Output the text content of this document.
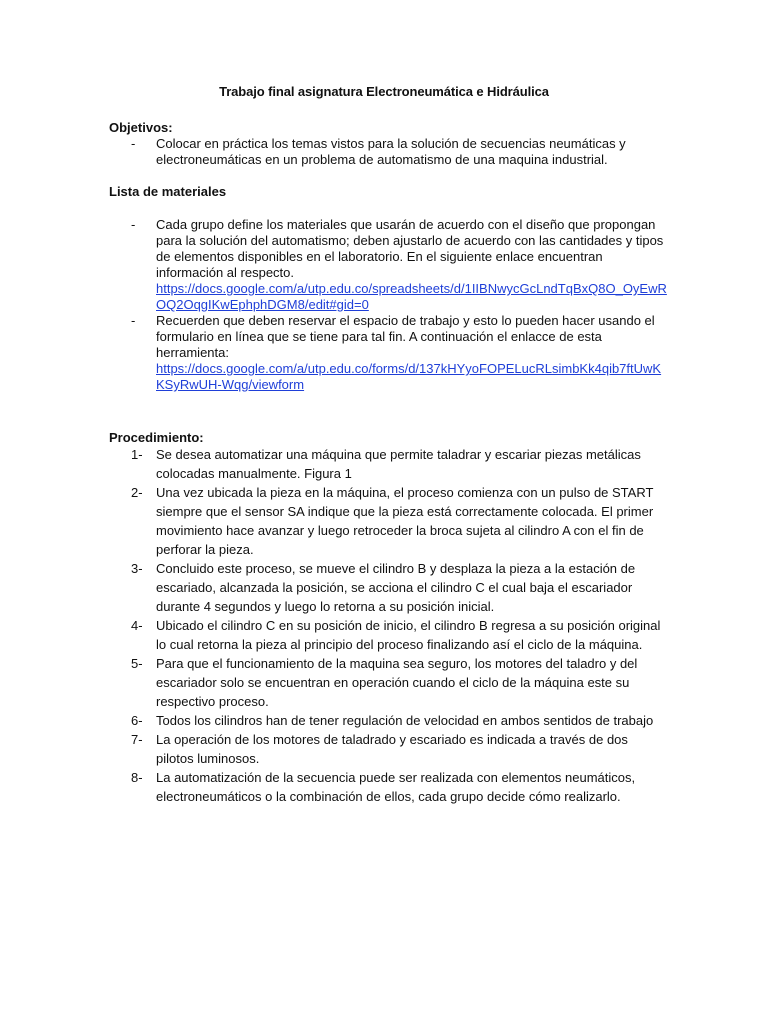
Trabajo final asignatura Electroneumática e Hidráulica
Objetivos:
-	Colocar en práctica los temas vistos para la solución de secuencias neumáticas y electroneumáticas en un problema de automatismo de una maquina industrial.
Lista de materiales
-	Cada grupo define los materiales que usarán de acuerdo con el diseño que propongan para la solución del automatismo; deben ajustarlo de acuerdo con las cantidades y tipos de elementos disponibles en el laboratorio. En el siguiente enlace encuentran información al respecto.
https://docs.google.com/a/utp.edu.co/spreadsheets/d/1IIBNwycGcLndTqBxQ8O_OyEwROQ2OqgIKwEphphDGM8/edit#gid=0
-	Recuerden que deben reservar el espacio de trabajo y esto lo pueden hacer usando el formulario en línea que se tiene para tal fin. A continuación el enlacce de esta herramienta:
https://docs.google.com/a/utp.edu.co/forms/d/137kHYyoFOPELucRLsimbKk4qib7ftUwKKSyRwUH-Wqg/viewform
Procedimiento:
1-	Se desea automatizar una máquina que permite taladrar y escariar piezas metálicas colocadas manualmente. Figura 1
2-	Una vez ubicada la pieza en la máquina, el proceso comienza con un pulso de START siempre que el sensor SA indique que la pieza está correctamente colocada. El primer movimiento hace avanzar y luego retroceder la broca sujeta al cilindro A con el fin de perforar la pieza.
3-	Concluido este proceso, se mueve el cilindro B y desplaza la pieza a la estación de escariado, alcanzada la posición, se acciona el cilindro C el cual baja el escariador durante 4 segundos y luego lo retorna a su posición inicial.
4-	Ubicado el cilindro C en su posición de inicio, el cilindro B regresa a su posición original lo cual retorna la pieza al principio del proceso finalizando así el ciclo de la máquina.
5-	Para que el funcionamiento de la maquina sea seguro, los motores del taladro y del escariador solo se encuentran en operación cuando el ciclo de la máquina este su respectivo proceso.
6-	Todos los cilindros han de tener regulación de velocidad en ambos sentidos de trabajo
7-	La operación de los motores de taladrado y escariado es indicada a través de dos pilotos luminosos.
8-	La automatización de la secuencia puede ser realizada con elementos neumáticos, electroneumáticos o la combinación de ellos, cada grupo decide cómo realizarlo.
